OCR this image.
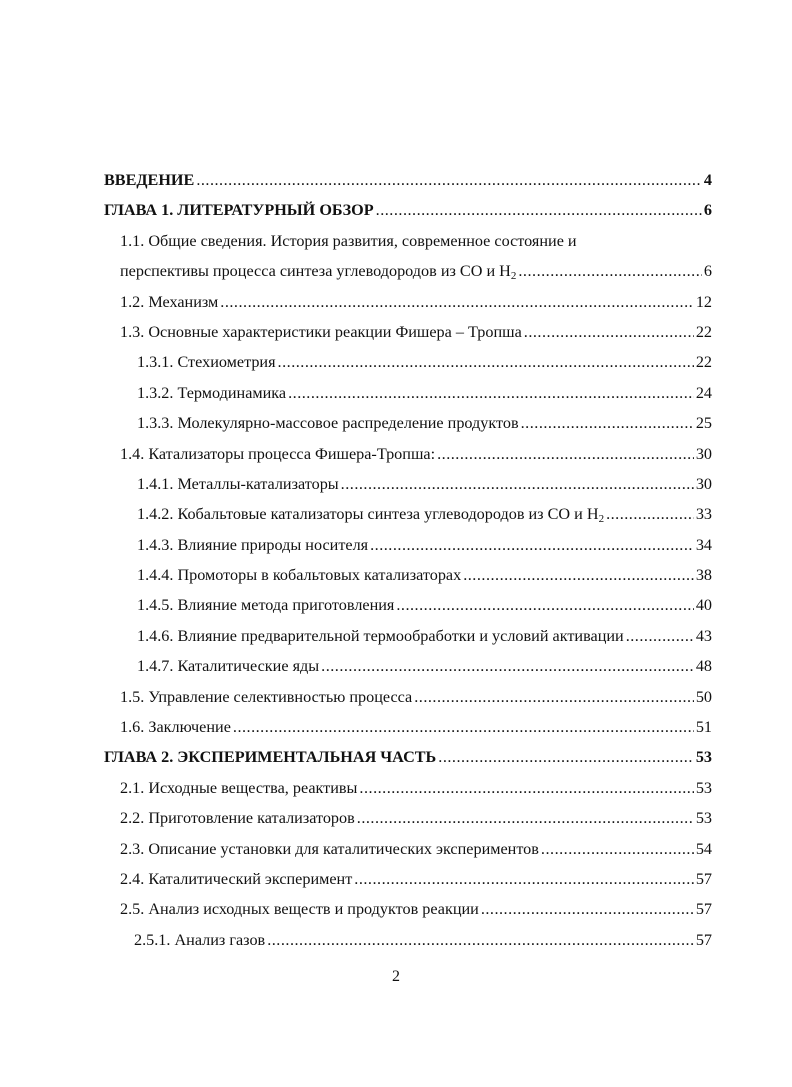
ВВЕДЕНИЕ .....	4
ГЛАВА 1. ЛИТЕРАТУРНЫЙ ОБЗОР .....	6
1.1. Общие сведения. История развития, современное состояние и
перспективы процесса синтеза углеводородов из СО и $H_2$ .....	6
1.2. Механизм .....	12
1.3. Основные характеристики реакции Фишера – Тропша .....	22
1.3.1. Стехиометрия .....	22
1.3.2. Термодинамика .....	24
1.3.3. Молекулярно-массовое распределение продуктов .....	25
1.4. Катализаторы процесса Фишера-Тропша: .....	30
1.4.1. Металлы-катализаторы .....	30
1.4.2. Кобальтовые катализаторы синтеза углеводородов из СО и $H_2$ .....	33
1.4.3. Влияние природы носителя .....	34
1.4.4. Промоторы в кобальтовых катализаторах .....	38
1.4.5. Влияние метода приготовления .....	40
1.4.6. Влияние предварительной термообработки и условий активации .....	43
1.4.7. Каталитические яды .....	48
1.5. Управление селективностью процесса .....	50
1.6. Заключение .....	51
ГЛАВА 2. ЭКСПЕРИМЕНТАЛЬНАЯ ЧАСТЬ .....	53
2.1. Исходные вещества, реактивы .....	53
2.2. Приготовление катализаторов .....	53
2.3. Описание установки для каталитических экспериментов .....	54
2.4. Каталитический эксперимент .....	57
2.5. Анализ исходных веществ и продуктов реакции .....	57
2.5.1. Анализ газов .....	57
2
